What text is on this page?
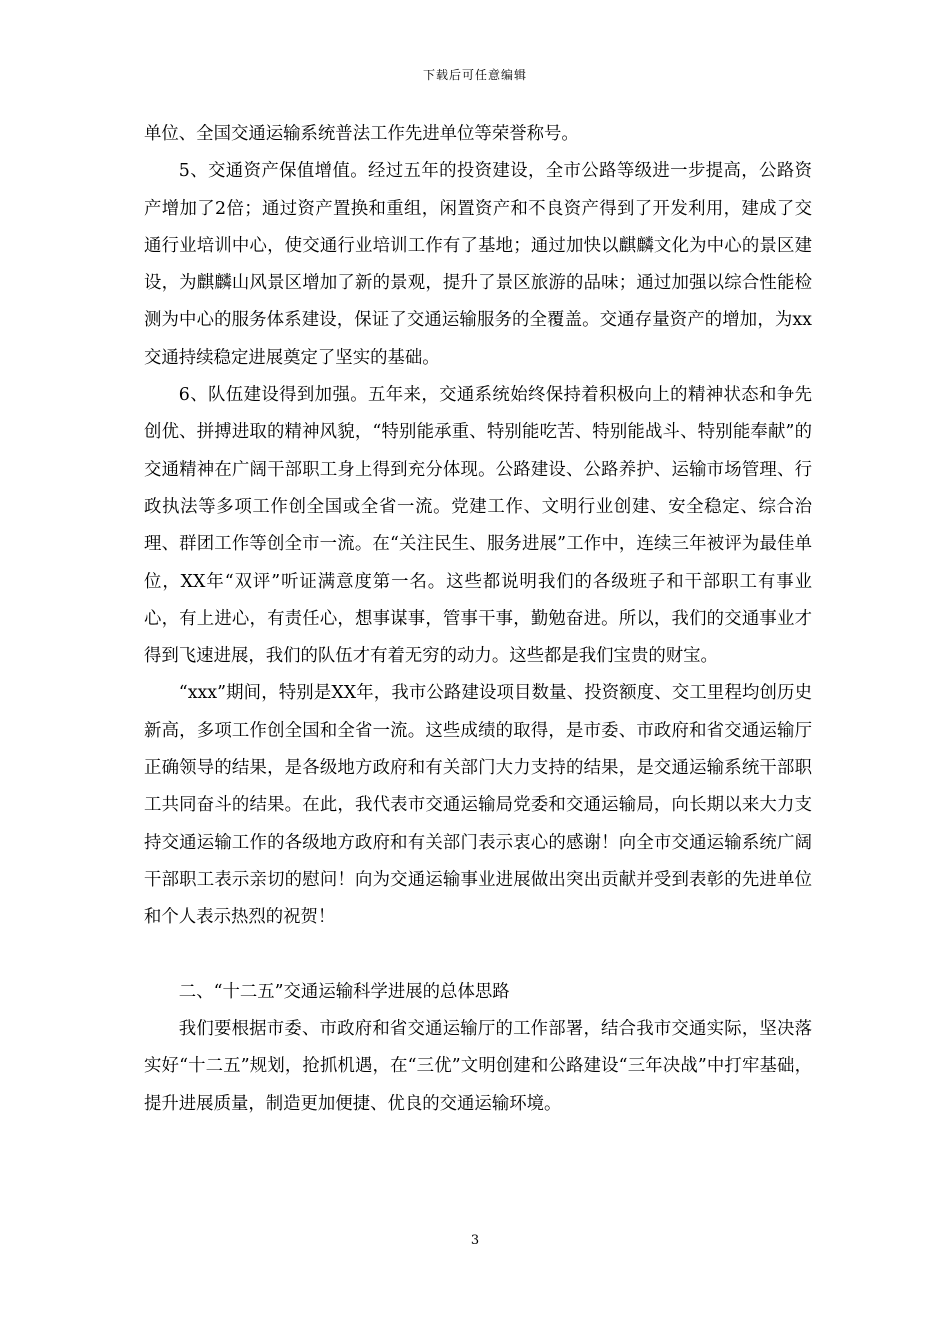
下载后可任意编辑

单位、全国交通运输系统普法工作先进单位等荣誉称号。

5、交通资产保值增值。经过五年的投资建设，全市公路等级进一步提高，公路资产增加了2倍；通过资产置换和重组，闲置资产和不良资产得到了开发利用，建成了交通行业培训中心，使交通行业培训工作有了基地；通过加快以麒麟文化为中心的景区建设，为麒麟山风景区增加了新的景观，提升了景区旅游的品味；通过加强以综合性能检测为中心的服务体系建设，保证了交通运输服务的全覆盖。交通存量资产的增加，为xx交通持续稳定进展奠定了坚实的基础。

6、队伍建设得到加强。五年来，交通系统始终保持着积极向上的精神状态和争先创优、拼搏进取的精神风貌，“特别能承重、特别能吃苦、特别能战斗、特别能奉献”的交通精神在广阔干部职工身上得到充分体现。公路建设、公路养护、运输市场管理、行政执法等多项工作创全国或全省一流。党建工作、文明行业创建、安全稳定、综合治理、群团工作等创全市一流。在“关注民生、服务进展”工作中，连续三年被评为最佳单位，XX年“双评”听证满意度第一名。这些都说明我们的各级班子和干部职工有事业心，有上进心，有责任心，想事谋事，管事干事，勤勉奋进。所以，我们的交通事业才得到飞速进展，我们的队伍才有着无穷的动力。这些都是我们宝贵的财宝。

“xxx”期间，特别是XX年，我市公路建设项目数量、投资额度、交工里程均创历史新高，多项工作创全国和全省一流。这些成绩的取得，是市委、市政府和省交通运输厅正确领导的结果，是各级地方政府和有关部门大力支持的结果，是交通运输系统干部职工共同奋斗的结果。在此，我代表市交通运输局党委和交通运输局，向长期以来大力支持交通运输工作的各级地方政府和有关部门表示衷心的感谢！向全市交通运输系统广阔干部职工表示亲切的慰问！向为交通运输事业进展做出突出贡献并受到表彰的先进单位和个人表示热烈的祝贺！

二、“十二五”交通运输科学进展的总体思路

我们要根据市委、市政府和省交通运输厅的工作部署，结合我市交通实际，坚决落实好“十二五”规划，抢抓机遇，在“三优”文明创建和公路建设“三年决战”中打牢基础，提升进展质量，制造更加便捷、优良的交通运输环境。

3
